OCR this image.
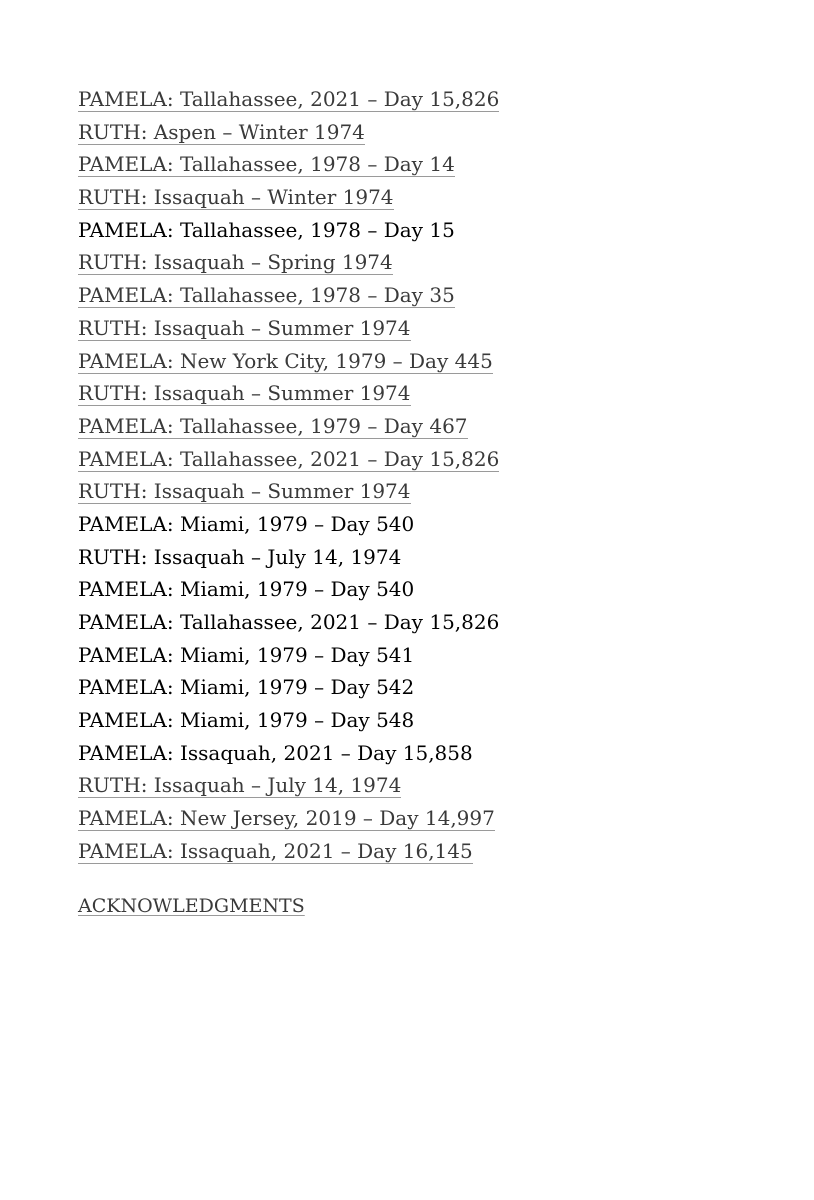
PAMELA: Tallahassee, 2021 – Day 15,826
RUTH: Aspen – Winter 1974
PAMELA: Tallahassee, 1978 – Day 14
RUTH: Issaquah – Winter 1974
PAMELA: Tallahassee, 1978 – Day 15
RUTH: Issaquah – Spring 1974
PAMELA: Tallahassee, 1978 – Day 35
RUTH: Issaquah – Summer 1974
PAMELA: New York City, 1979 – Day 445
RUTH: Issaquah – Summer 1974
PAMELA: Tallahassee, 1979 – Day 467
PAMELA: Tallahassee, 2021 – Day 15,826
RUTH: Issaquah – Summer 1974
PAMELA: Miami, 1979 – Day 540
RUTH: Issaquah – July 14, 1974
PAMELA: Miami, 1979 – Day 540
PAMELA: Tallahassee, 2021 – Day 15,826
PAMELA: Miami, 1979 – Day 541
PAMELA: Miami, 1979 – Day 542
PAMELA: Miami, 1979 – Day 548
PAMELA: Issaquah, 2021 – Day 15,858
RUTH: Issaquah – July 14, 1974
PAMELA: New Jersey, 2019 – Day 14,997
PAMELA: Issaquah, 2021 – Day 16,145
ACKNOWLEDGMENTS
